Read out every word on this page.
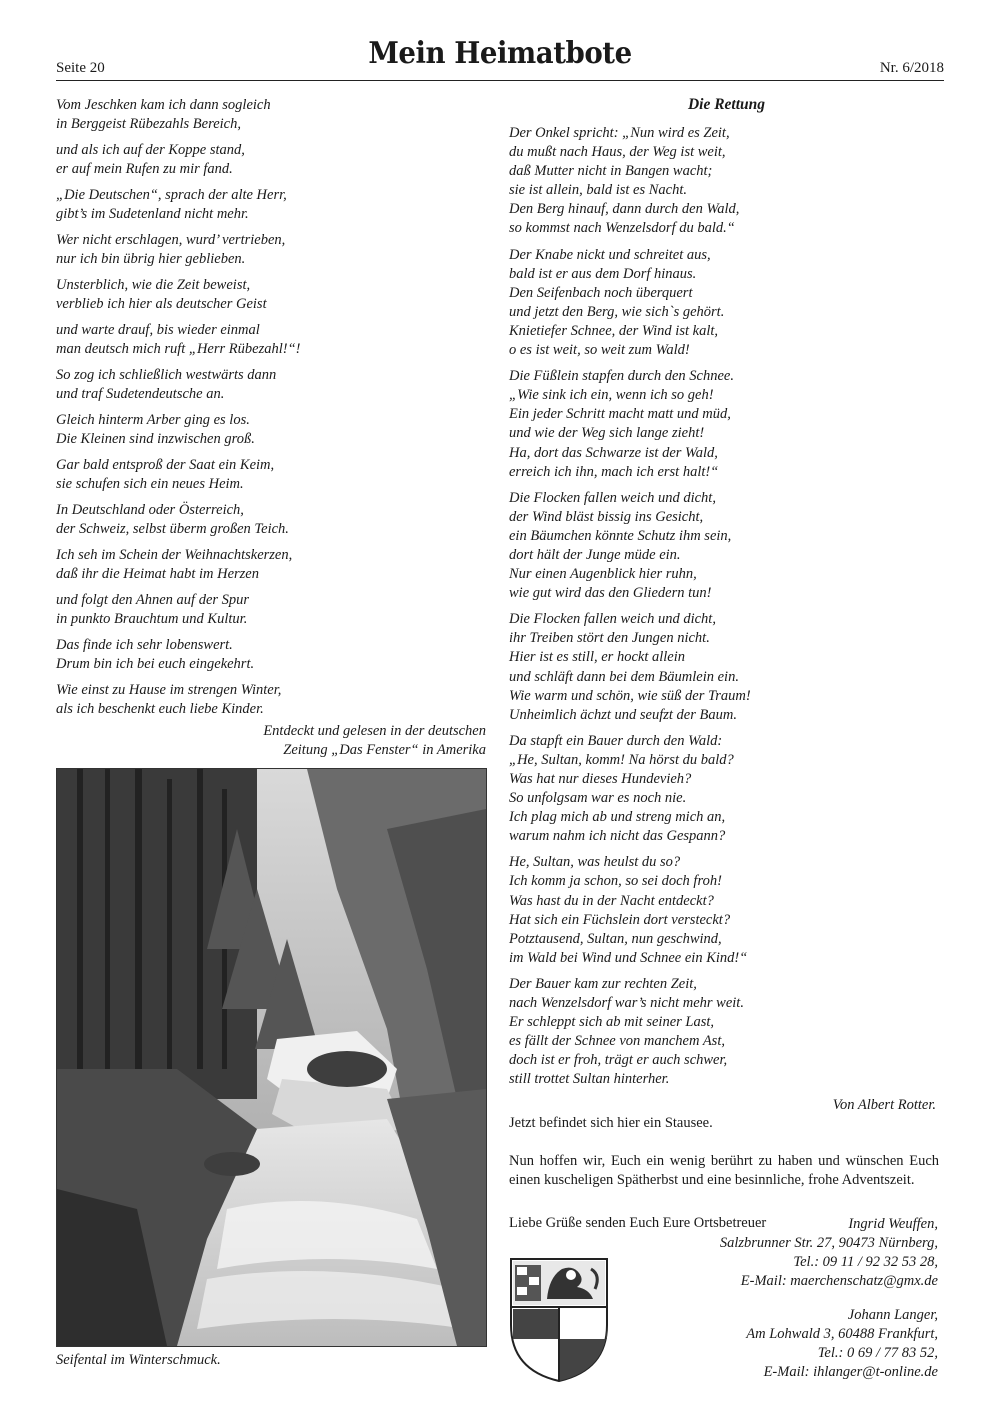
Seite 20	Mein Heimatbote	Nr. 6/2018
Vom Jeschken kam ich dann sogleich
in Berggeist Rübezahls Bereich,
und als ich auf der Koppe stand,
er auf mein Rufen zu mir fand.
„Die Deutschen“, sprach der alte Herr,
gibt’s im Sudetenland nicht mehr.
Wer nicht erschlagen, wurd’ vertrieben,
nur ich bin übrig hier geblieben.
Unsterblich, wie die Zeit beweist,
verblieb ich hier als deutscher Geist
und warte drauf, bis wieder einmal
man deutsch mich ruft „Herr Rübezahl!“!
So zog ich schließlich westwärts dann
und traf Sudetendeutsche an.
Gleich hinterm Arber ging es los.
Die Kleinen sind inzwischen groß.
Gar bald entsproß der Saat ein Keim,
sie schufen sich ein neues Heim.
In Deutschland oder Österreich,
der Schweiz, selbst überm großen Teich.
Ich seh im Schein der Weihnachtskerzen,
daß ihr die Heimat habt im Herzen
und folgt den Ahnen auf der Spur
in punkto Brauchtum und Kultur.
Das finde ich sehr lobenswert.
Drum bin ich bei euch eingekehrt.
Wie einst zu Hause im strengen Winter,
als ich beschenkt euch liebe Kinder.
Entdeckt und gelesen in der deutschen
Zeitung „Das Fenster“ in Amerika
Seifental im Winterschmuck.
Die Rettung
Der Onkel spricht: „Nun wird es Zeit,
du mußt nach Haus, der Weg ist weit,
daß Mutter nicht in Bangen wacht;
sie ist allein, bald ist es Nacht.
Den Berg hinauf, dann durch den Wald,
so kommst nach Wenzelsdorf du bald.“
Der Knabe nickt und schreitet aus,
bald ist er aus dem Dorf hinaus.
Den Seifenbach noch überquert
und jetzt den Berg, wie sich`s gehört.
Knietiefer Schnee, der Wind ist kalt,
o es ist weit, so weit zum Wald!
Die Füßlein stapfen durch den Schnee.
„Wie sink ich ein, wenn ich so geh!
Ein jeder Schritt macht matt und müd,
und wie der Weg sich lange zieht!
Ha, dort das Schwarze ist der Wald,
erreich ich ihn, mach ich erst halt!“
Die Flocken fallen weich und dicht,
der Wind bläst bissig ins Gesicht,
ein Bäumchen könnte Schutz ihm sein,
dort hält der Junge müde ein.
Nur einen Augenblick hier ruhn,
wie gut wird das den Gliedern tun!
Die Flocken fallen weich und dicht,
ihr Treiben stört den Jungen nicht.
Hier ist es still, er hockt allein
und schläft dann bei dem Bäumlein ein.
Wie warm und schön, wie süß der Traum!
Unheimlich ächzt und seufzt der Baum.
Da stapft ein Bauer durch den Wald:
„He, Sultan, komm! Na hörst du bald?
Was hat nur dieses Hundevieh?
So unfolgsam war es noch nie.
Ich plag mich ab und streng mich an,
warum nahm ich nicht das Gespann?
He, Sultan, was heulst du so?
Ich komm ja schon, so sei doch froh!
Was hast du in der Nacht entdeckt?
Hat sich ein Füchslein dort versteckt?
Potztausend, Sultan, nun geschwind,
im Wald bei Wind und Schnee ein Kind!“
Der Bauer kam zur rechten Zeit,
nach Wenzelsdorf war’s nicht mehr weit.
Er schleppt sich ab mit seiner Last,
es fällt der Schnee von manchem Ast,
doch ist er froh, trägt er auch schwer,
still trottet Sultan hinterher.
Von Albert Rotter.
Jetzt befindet sich hier ein Stausee.
Nun hoffen wir, Euch ein wenig berührt zu haben und wünschen Euch einen kuscheligen Spätherbst und eine besinnliche, frohe Adventszeit.
Liebe Grüße senden Euch Eure Ortsbetreuer	Ingrid Weuffen,
Salzbrunner Str. 27, 90473 Nürnberg,
Tel.: 09 11 / 92 32 53 28,
E-Mail: maerchenschatz@gmx.de
Johann Langer,
Am Lohwald 3, 60488 Frankfurt,
Tel.: 0 69 / 77 83 52,
E-Mail: ihlanger@t-online.de
